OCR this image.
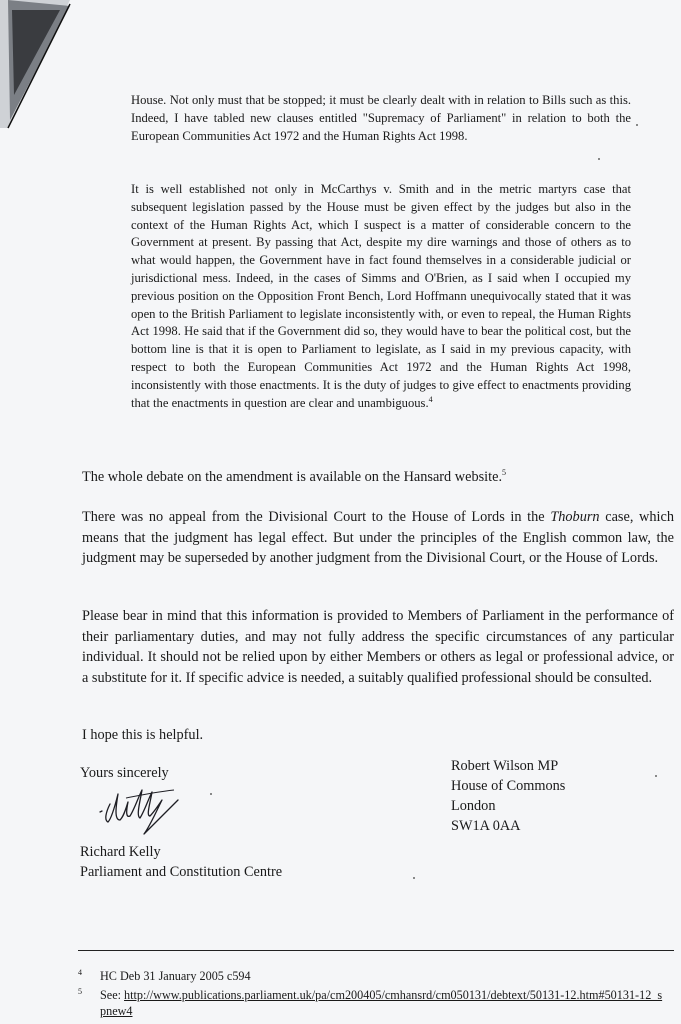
House. Not only must that be stopped; it must be clearly dealt with in relation to Bills such as this. Indeed, I have tabled new clauses entitled "Supremacy of Parliament" in relation to both the European Communities Act 1972 and the Human Rights Act 1998.

It is well established not only in McCarthys v. Smith and in the metric martyrs case that subsequent legislation passed by the House must be given effect by the judges but also in the context of the Human Rights Act, which I suspect is a matter of considerable concern to the Government at present. By passing that Act, despite my dire warnings and those of others as to what would happen, the Government have in fact found themselves in a considerable judicial or jurisdictional mess. Indeed, in the cases of Simms and O'Brien, as I said when I occupied my previous position on the Opposition Front Bench, Lord Hoffmann unequivocally stated that it was open to the British Parliament to legislate inconsistently with, or even to repeal, the Human Rights Act 1998. He said that if the Government did so, they would have to bear the political cost, but the bottom line is that it is open to Parliament to legislate, as I said in my previous capacity, with respect to both the European Communities Act 1972 and the Human Rights Act 1998, inconsistently with those enactments. It is the duty of judges to give effect to enactments providing that the enactments in question are clear and unambiguous.$^4$

The whole debate on the amendment is available on the Hansard website.$^5$

There was no appeal from the Divisional Court to the House of Lords in the Thoburn case, which means that the judgment has legal effect. But under the principles of the English common law, the judgment may be superseded by another judgment from the Divisional Court, or the House of Lords.

Please bear in mind that this information is provided to Members of Parliament in the performance of their parliamentary duties, and may not fully address the specific circumstances of any particular individual. It should not be relied upon by either Members or others as legal or professional advice, or a substitute for it. If specific advice is needed, a suitably qualified professional should be consulted.

I hope this is helpful.

Yours sincerely
Richard Kelly
Parliament and Constitution Centre
Robert Wilson MP
House of Commons
London
SW1A 0AA
4 HC Deb 31 January 2005 c594
5 See: http://www.publications.parliament.uk/pa/cm200405/cmhansrd/cm050131/debtext/50131-12.htm#50131-12_spnew4
